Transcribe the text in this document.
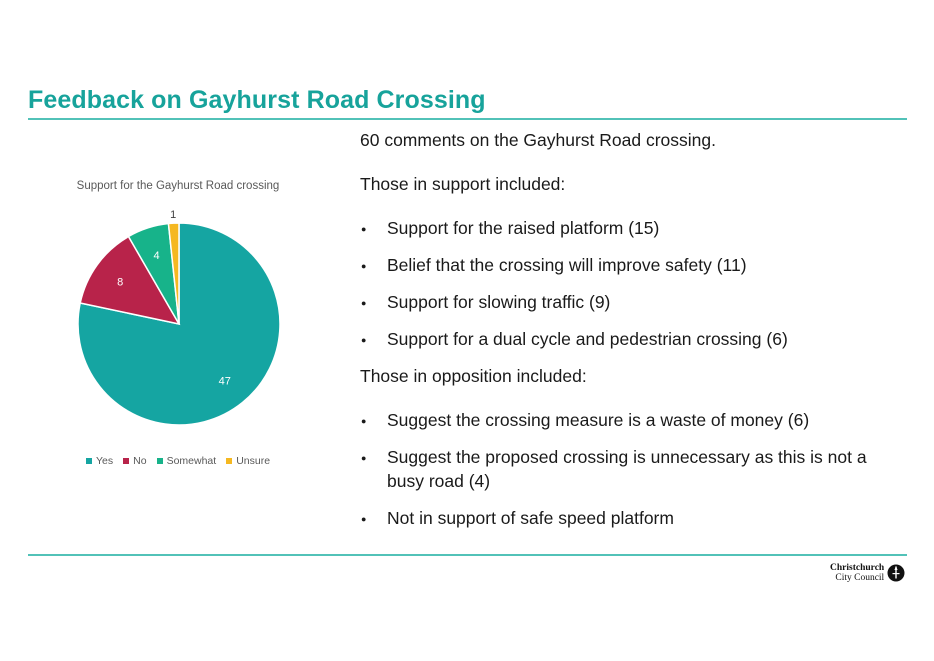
Feedback on Gayhurst Road Crossing
Support for the Gayhurst Road crossing
47
8
4
1
Yes No Somewhat Unsure
60 comments on the Gayhurst Road crossing.
Those in support included:
● Support for the raised platform (15)
● Belief that the crossing will improve safety (11)
● Support for slowing traffic (9)
● Support for a dual cycle and pedestrian crossing (6)
Those in opposition included:
● Suggest the crossing measure is a waste of money (6)
● Suggest the proposed crossing is unnecessary as this is not a busy road (4)
● Not in support of safe speed platform
Christchurch
City Council
